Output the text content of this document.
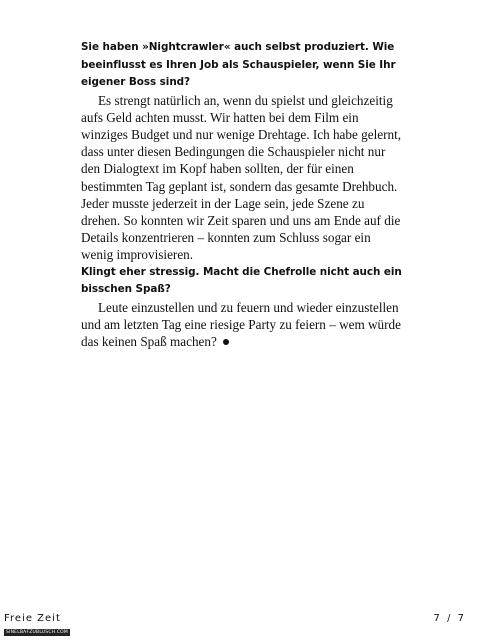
Sie haben »Nightcrawler« auch selbst produziert. Wie beeinflusst es Ihren Job als Schauspieler, wenn Sie Ihr eigener Boss sind?

Es strengt natürlich an, wenn du spielst und gleichzeitig aufs Geld achten musst. Wir hatten bei dem Film ein winziges Budget und nur wenige Drehtage. Ich habe gelernt, dass unter diesen Bedingungen die Schauspieler nicht nur den Dialogtext im Kopf haben sollten, der für einen bestimmten Tag geplant ist, sondern das gesamte Drehbuch. Jeder musste jederzeit in der Lage sein, jede Szene zu drehen. So konnten wir Zeit sparen und uns am Ende auf die Details konzentrieren – konnten zum Schluss sogar ein wenig improvisieren.

Klingt eher stressig. Macht die Chefrolle nicht auch ein bisschen Spaß?

Leute einzustellen und zu feuern und wieder einzustellen und am letzten Tag eine riesige Party zu feiern – wem würde das keinen Spaß machen?

Freie Zeit	7 / 7
SINELBAFZUBLUSCH.COM
